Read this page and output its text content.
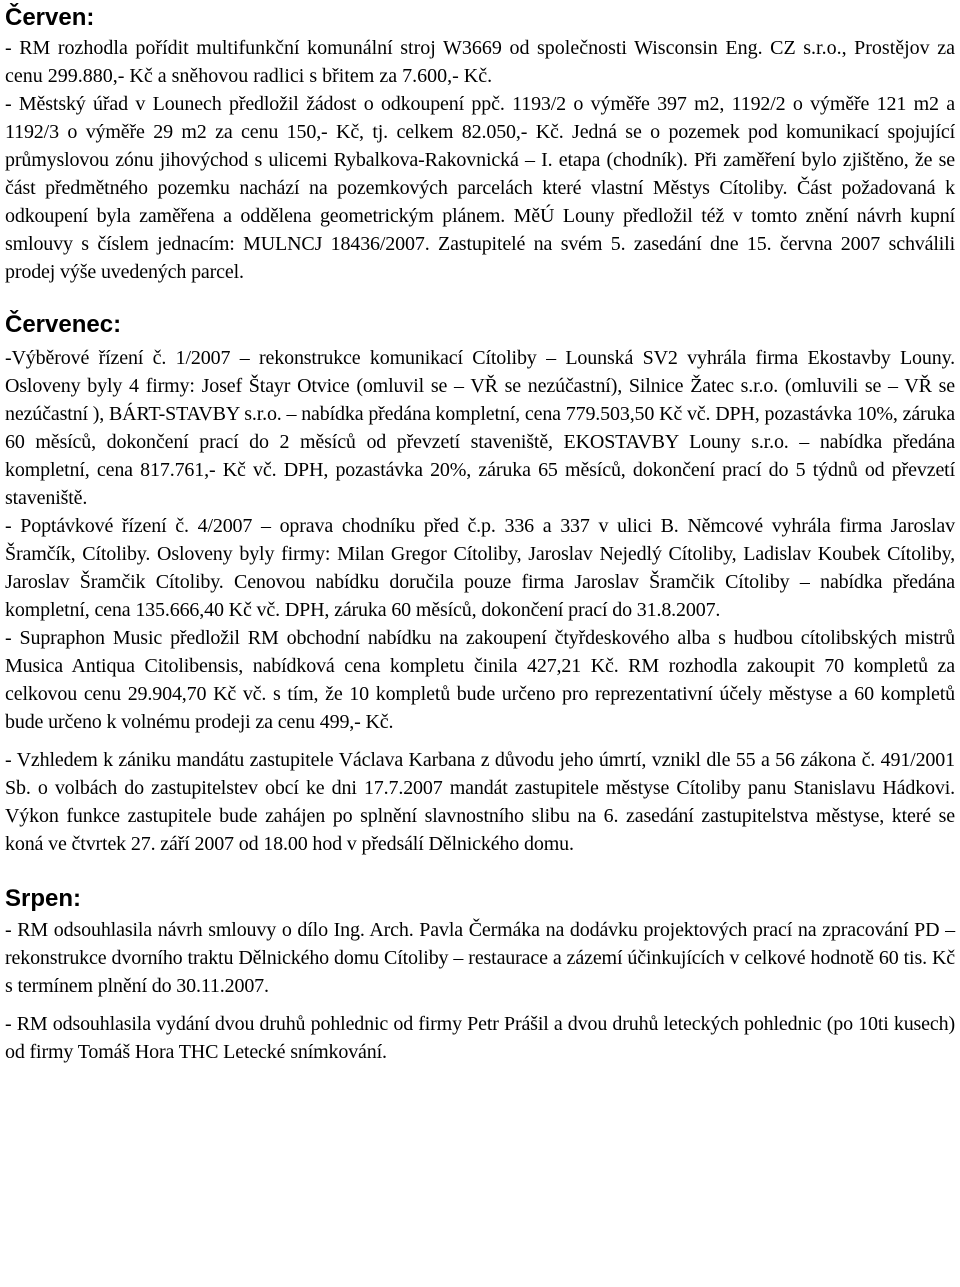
Červen:

- RM rozhodla pořídit multifunkční komunální stroj W3669 od společnosti Wisconsin Eng. CZ s.r.o., Prostějov za cenu 299.880,- Kč a sněhovou radlici s břitem za 7.600,- Kč.

- Městský úřad v Lounech předložil žádost o odkoupení ppč. 1193/2 o výměře 397 m2, 1192/2 o výměře 121 m2 a 1192/3 o výměře 29 m2 za cenu 150,- Kč, tj. celkem 82.050,- Kč. Jedná se o pozemek pod komunikací spojující průmyslovou zónu jihovýchod s ulicemi Rybalkova-Rakovnická – I. etapa (chodník). Při zaměření bylo zjištěno, že se část předmětného pozemku nachází na pozemkových parcelách které vlastní Městys Cítoliby. Část požadovaná k odkoupení byla zaměřena a oddělena geometrickým plánem. MěÚ Louny předložil též v tomto znění návrh kupní smlouvy s číslem jednacím: MULNCJ 18436/2007. Zastupitelé na svém 5. zasedání dne 15. června 2007 schválili prodej výše uvedených parcel.

Červenec:

-Výběrové řízení č. 1/2007 – rekonstrukce komunikací Cítoliby – Lounská SV2 vyhrála firma Ekostavby Louny. Osloveny byly 4 firmy: Josef Štayr Otvice (omluvil se – VŘ se nezúčastní), Silnice Žatec s.r.o. (omluvili se – VŘ se nezúčastní ), BÁRT-STAVBY s.r.o. – nabídka předána kompletní, cena 779.503,50 Kč vč. DPH, pozastávka 10%, záruka 60 měsíců, dokončení prací do 2 měsíců od převzetí staveniště, EKOSTAVBY Louny s.r.o. – nabídka předána kompletní, cena 817.761,- Kč vč. DPH, pozastávka 20%, záruka 65 měsíců, dokončení prací do 5 týdnů od převzetí staveniště.

- Poptávkové řízení č. 4/2007 – oprava chodníku před č.p. 336 a 337 v ulici B. Němcové vyhrála firma Jaroslav Šramčík, Cítoliby. Osloveny byly firmy: Milan Gregor Cítoliby, Jaroslav Nejedlý Cítoliby, Ladislav Koubek Cítoliby, Jaroslav Šramčik Cítoliby. Cenovou nabídku doručila pouze firma Jaroslav Šramčik Cítoliby – nabídka předána kompletní, cena 135.666,40 Kč vč. DPH, záruka 60 měsíců, dokončení prací do 31.8.2007.

- Supraphon Music předložil RM obchodní nabídku na zakoupení čtyřdeskového alba s hudbou cítolibských mistrů Musica Antiqua Citolibensis, nabídková cena kompletu činila 427,21 Kč. RM rozhodla zakoupit 70 kompletů za celkovou cenu 29.904,70 Kč vč. s tím, že 10 kompletů bude určeno pro reprezentativní účely městyse a 60 kompletů bude určeno k volnému prodeji za cenu 499,- Kč.

- Vzhledem k zániku mandátu zastupitele Václava Karbana z důvodu jeho úmrtí, vznikl dle 55 a 56 zákona č. 491/2001 Sb. o volbách do zastupitelstev obcí ke dni 17.7.2007 mandát zastupitele městyse Cítoliby panu Stanislavu Hádkovi. Výkon funkce zastupitele bude zahájen po splnění slavnostního slibu na 6. zasedání zastupitelstva městyse, které se koná ve čtvrtek 27. září 2007 od 18.00 hod v předsálí Dělnického domu.

Srpen:

- RM odsouhlasila návrh smlouvy o dílo Ing. Arch. Pavla Čermáka na dodávku projektových prací na zpracování PD – rekonstrukce dvorního traktu Dělnického domu Cítoliby – restaurace a zázemí účinkujících v celkové hodnotě 60 tis. Kč s termínem plnění do 30.11.2007.

- RM odsouhlasila vydání dvou druhů pohlednic od firmy Petr Prášil a dvou druhů leteckých pohlednic (po 10ti kusech) od firmy Tomáš Hora THC Letecké snímkování.
